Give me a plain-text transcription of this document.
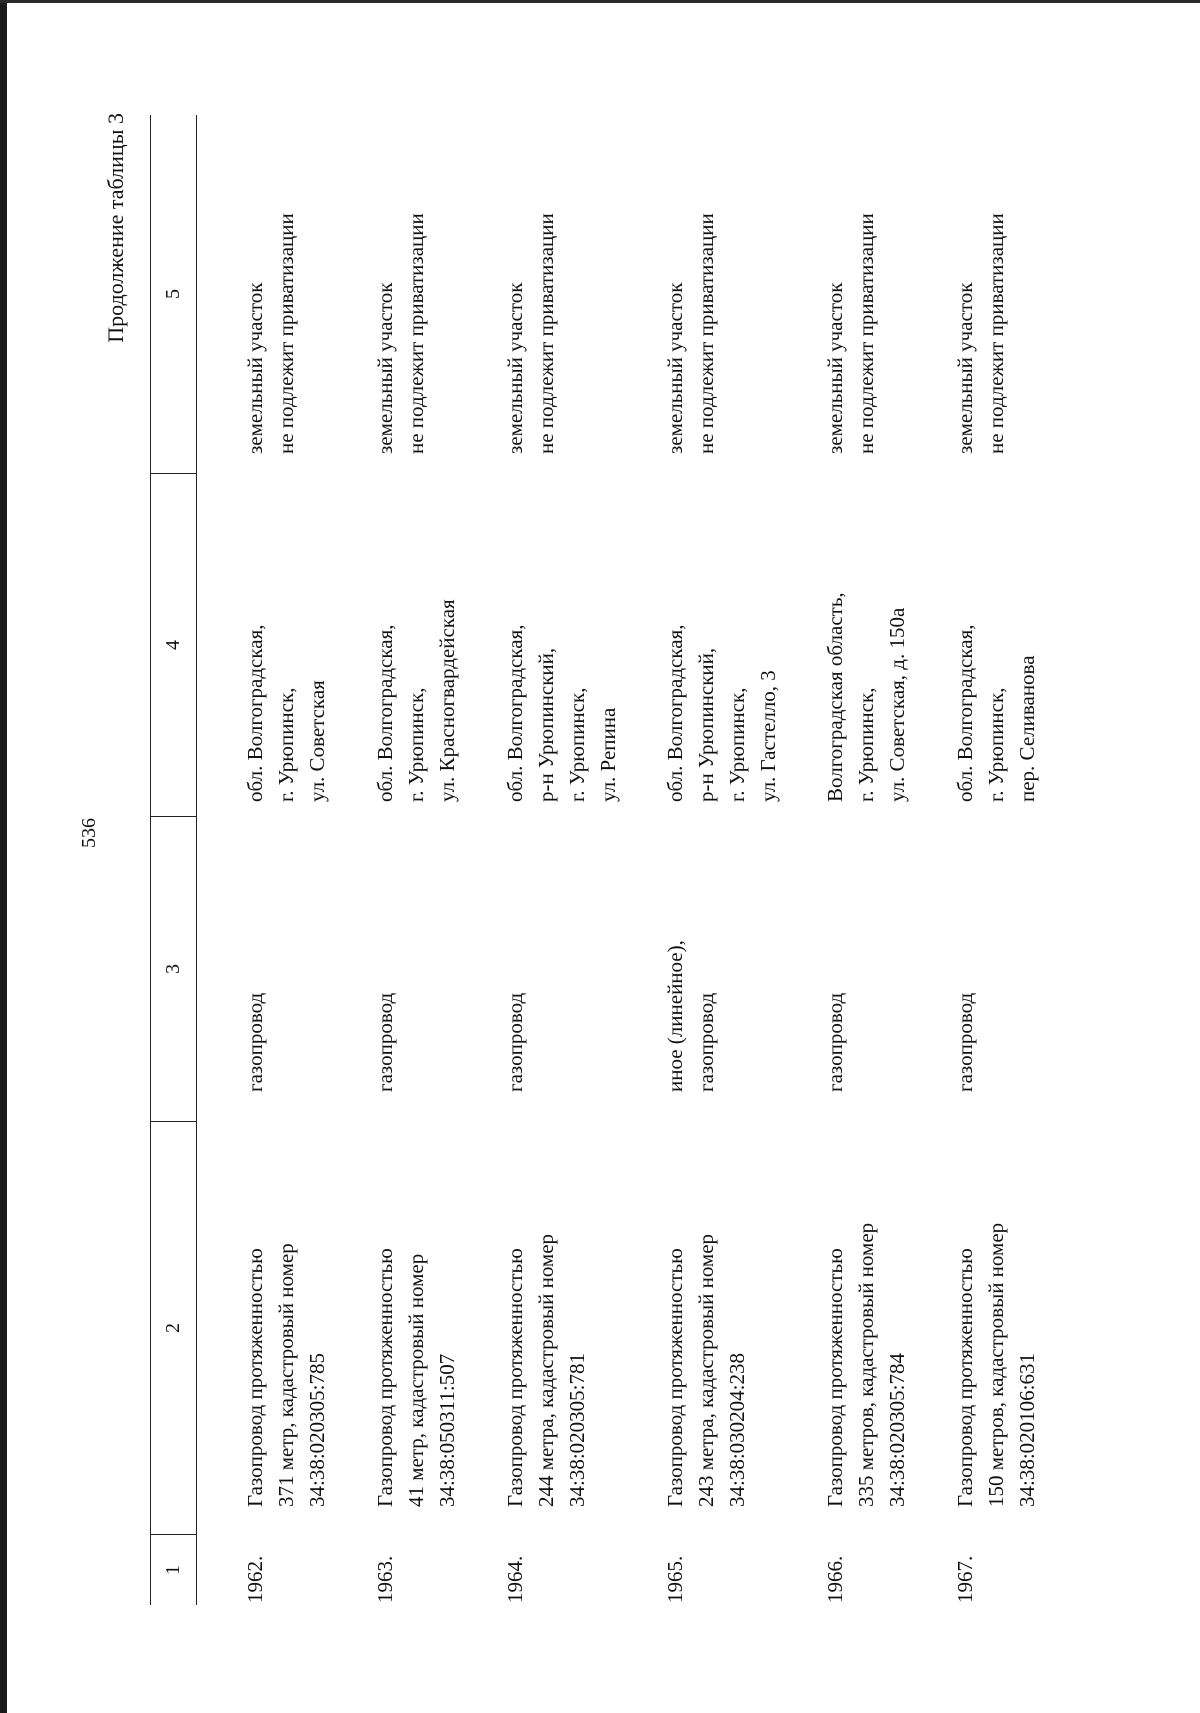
536
Продолжение таблицы 3
1
2
3
4
5
1962.
Газопровод протяженностью 371 метр, кадастровый номер 34:38:020305:785
газопровод
обл. Волгоградская, г. Урюпинск, ул. Советская
земельный участок не подлежит приватизации
1963.
Газопровод протяженностью 41 метр, кадастровый номер 34:38:050311:507
газопровод
обл. Волгоградская, г. Урюпинск, ул. Красногвардейская
земельный участок не подлежит приватизации
1964.
Газопровод протяженностью 244 метра, кадастровый номер 34:38:020305:781
газопровод
обл. Волгоградская, р-н Урюпинский, г. Урюпинск, ул. Репина
земельный участок не подлежит приватизации
1965.
Газопровод протяженностью 243 метра, кадастровый номер 34:38:030204:238
иное (линейное), газопровод
обл. Волгоградская, р-н Урюпинский, г. Урюпинск, ул. Гастелло, 3
земельный участок не подлежит приватизации
1966.
Газопровод протяженностью 335 метров, кадастровый номер 34:38:020305:784
газопровод
Волгоградская область, г. Урюпинск, ул. Советская, д. 150а
земельный участок не подлежит приватизации
1967.
Газопровод протяженностью 150 метров, кадастровый номер 34:38:020106:631
газопровод
обл. Волгоградская, г. Урюпинск, пер. Селиванова
земельный участок не подлежит приватизации
